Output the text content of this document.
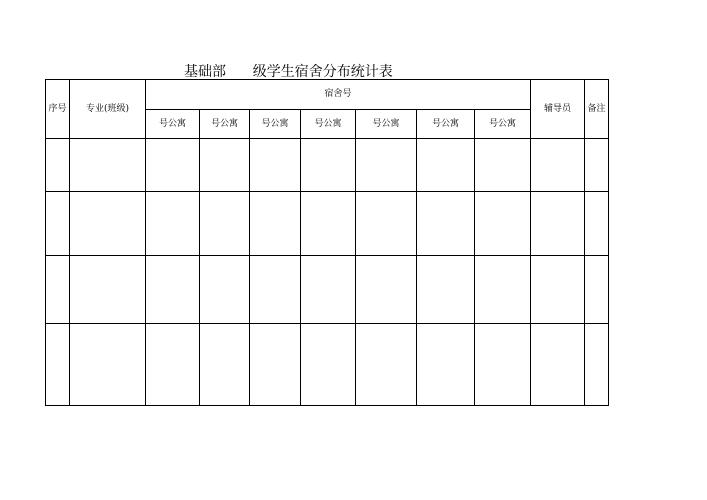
基础部      级学生宿舍分布统计表
序号	专业(班级)	宿舍号							辅导员	备注
		号公寓	号公寓	号公寓	号公寓	号公寓	号公寓	号公寓		
